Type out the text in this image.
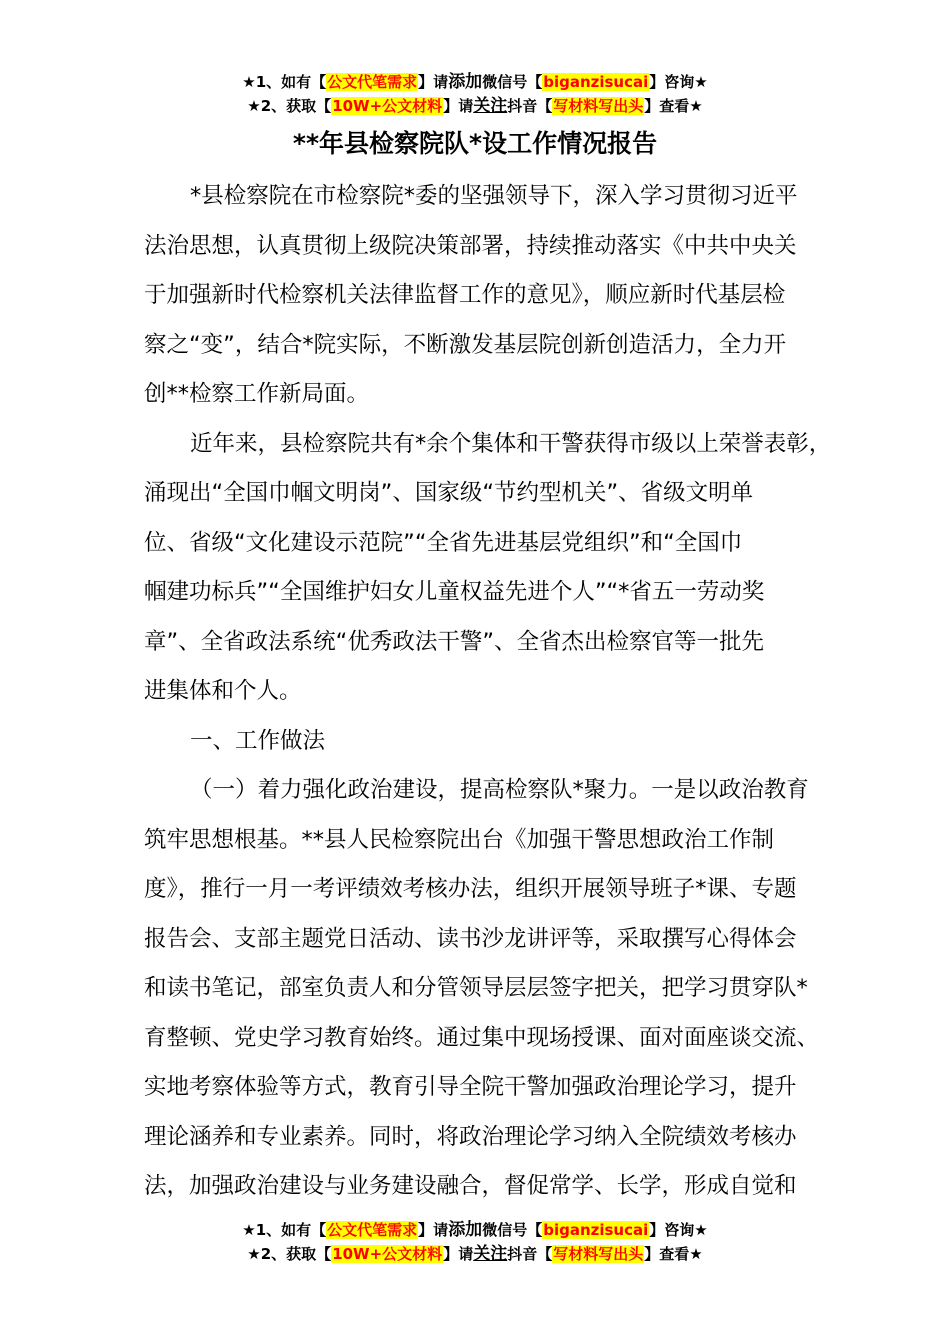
★1、如有【公文代笔需求】请添加微信号【biganzisucai】咨询★
★2、获取【10W+公文材料】请关注抖音【写材料写出头】查看★
**年县检察院队*设工作情况报告
*县检察院在市检察院*委的坚强领导下，深入学习贯彻习近平
法治思想，认真贯彻上级院决策部署，持续推动落实《中共中央关
于加强新时代检察机关法律监督工作的意见》，顺应新时代基层检
察之“变”，结合*院实际，不断激发基层院创新创造活力，全力开
创**检察工作新局面。
近年来，县检察院共有*余个集体和干警获得市级以上荣誉表彰，
涌现出“全国巾帼文明岗”、国家级“节约型机关”、省级文明单
位、省级“文化建设示范院”“全省先进基层党组织”和“全国巾
帼建功标兵”“全国维护妇女儿童权益先进个人”“*省五一劳动奖
章”、全省政法系统“优秀政法干警”、全省杰出检察官等一批先
进集体和个人。
一、工作做法
（一）着力强化政治建设，提高检察队*聚力。一是以政治教育
筑牢思想根基。**县人民检察院出台《加强干警思想政治工作制
度》，推行一月一考评绩效考核办法，组织开展领导班子*课、专题
报告会、支部主题党日活动、读书沙龙讲评等，采取撰写心得体会
和读书笔记，部室负责人和分管领导层层签字把关，把学习贯穿队*
育整顿、党史学习教育始终。通过集中现场授课、面对面座谈交流、
实地考察体验等方式，教育引导全院干警加强政治理论学习，提升
理论涵养和专业素养。同时，将政治理论学习纳入全院绩效考核办
法，加强政治建设与业务建设融合，督促常学、长学，形成自觉和
★1、如有【公文代笔需求】请添加微信号【biganzisucai】咨询★
★2、获取【10W+公文材料】请关注抖音【写材料写出头】查看★
